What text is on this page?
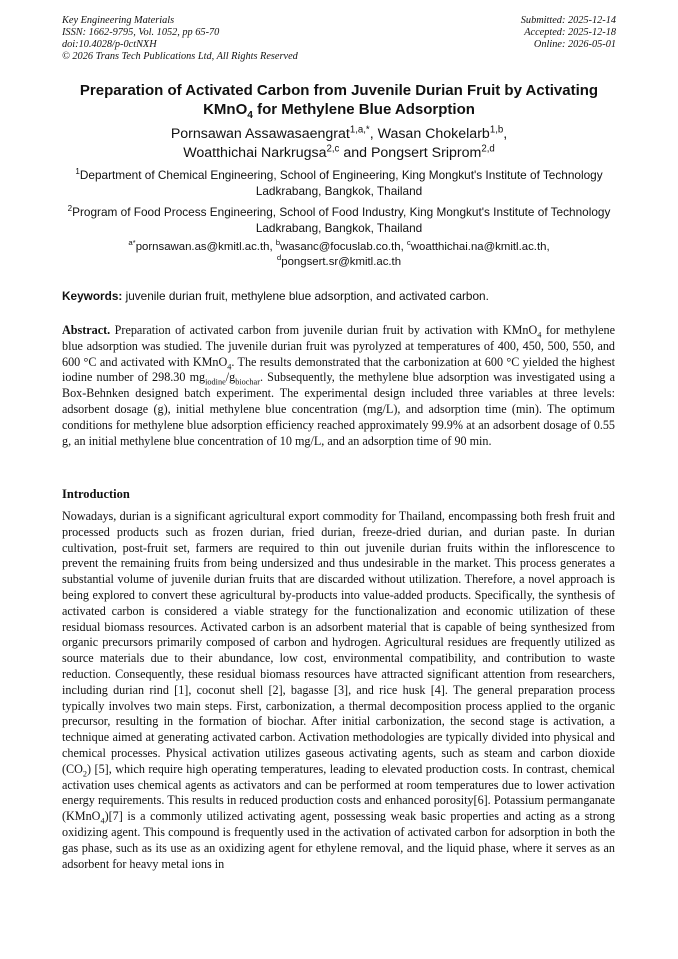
Key Engineering Materials
ISSN: 1662-9795, Vol. 1052, pp 65-70
doi:10.4028/p-0ctNXH
© 2026 Trans Tech Publications Ltd, All Rights Reserved
Submitted: 2025-12-14
Accepted: 2025-12-18
Online: 2026-05-01
Preparation of Activated Carbon from Juvenile Durian Fruit by Activating
KMnO$_4$ for Methylene Blue Adsorption
Pornsawan Assawasaengrat$^{1,a,*}$, Wasan Chokelarb$^{1,b}$,
Woatthichai Narkrugsa$^{2,c}$ and Pongsert Sriprom$^{2,d}$
$^1$Department of Chemical Engineering, School of Engineering, King Mongkut's Institute of Technology Ladkrabang, Bangkok, Thailand
$^2$Program of Food Process Engineering, School of Food Industry, King Mongkut's Institute of Technology Ladkrabang, Bangkok, Thailand
$^{a*}$pornsawan.as@kmitl.ac.th, $^b$wasanc@focuslab.co.th, $^c$woatthichai.na@kmitl.ac.th,
$^d$pongsert.sr@kmitl.ac.th
Keywords: juvenile durian fruit, methylene blue adsorption, and activated carbon.
Abstract. Preparation of activated carbon from juvenile durian fruit by activation with KMnO$_4$ for methylene blue adsorption was studied. The juvenile durian fruit was pyrolyzed at temperatures of 400, 450, 500, 550, and 600 °C and activated with KMnO$_4$. The results demonstrated that the carbonization at 600 °C yielded the highest iodine number of 298.30 $mg_{iodine}/g_{biochar}$. Subsequently, the methylene blue adsorption was investigated using a Box-Behnken designed batch experiment. The experimental design included three variables at three levels: adsorbent dosage (g), initial methylene blue concentration (mg/L), and adsorption time (min). The optimum conditions for methylene blue adsorption efficiency reached approximately 99.9% at an adsorbent dosage of 0.55 g, an initial methylene blue concentration of 10 mg/L, and an adsorption time of 90 min.
Introduction
Nowadays, durian is a significant agricultural export commodity for Thailand, encompassing both fresh fruit and processed products such as frozen durian, fried durian, freeze-dried durian, and durian paste. In durian cultivation, post-fruit set, farmers are required to thin out juvenile durian fruits within the inflorescence to prevent the remaining fruits from being undersized and thus undesirable in the market. This process generates a substantial volume of juvenile durian fruits that are discarded without utilization. Therefore, a novel approach is being explored to convert these agricultural by-products into value-added products. Specifically, the synthesis of activated carbon is considered a viable strategy for the functionalization and economic utilization of these residual biomass resources. Activated carbon is an adsorbent material that is capable of being synthesized from organic precursors primarily composed of carbon and hydrogen. Agricultural residues are frequently utilized as source materials due to their abundance, low cost, environmental compatibility, and contribution to waste reduction. Consequently, these residual biomass resources have attracted significant attention from researchers, including durian rind [1], coconut shell [2], bagasse [3], and rice husk [4]. The general preparation process typically involves two main steps. First, carbonization, a thermal decomposition process applied to the organic precursor, resulting in the formation of biochar. After initial carbonization, the second stage is activation, a technique aimed at generating activated carbon. Activation methodologies are typically divided into physical and chemical processes. Physical activation utilizes gaseous activating agents, such as steam and carbon dioxide $(CO_2)$ [5], which require high operating temperatures, leading to elevated production costs. In contrast, chemical activation uses chemical agents as activators and can be performed at room temperatures due to lower activation energy requirements. This results in reduced production costs and enhanced porosity[6]. Potassium permanganate (KMnO$_4$)[7] is a commonly utilized activating agent, possessing weak basic properties and acting as a strong oxidizing agent. This compound is frequently used in the activation of activated carbon for adsorption in both the gas phase, such as its use as an oxidizing agent for ethylene removal, and the liquid phase, where it serves as an adsorbent for heavy metal ions in
